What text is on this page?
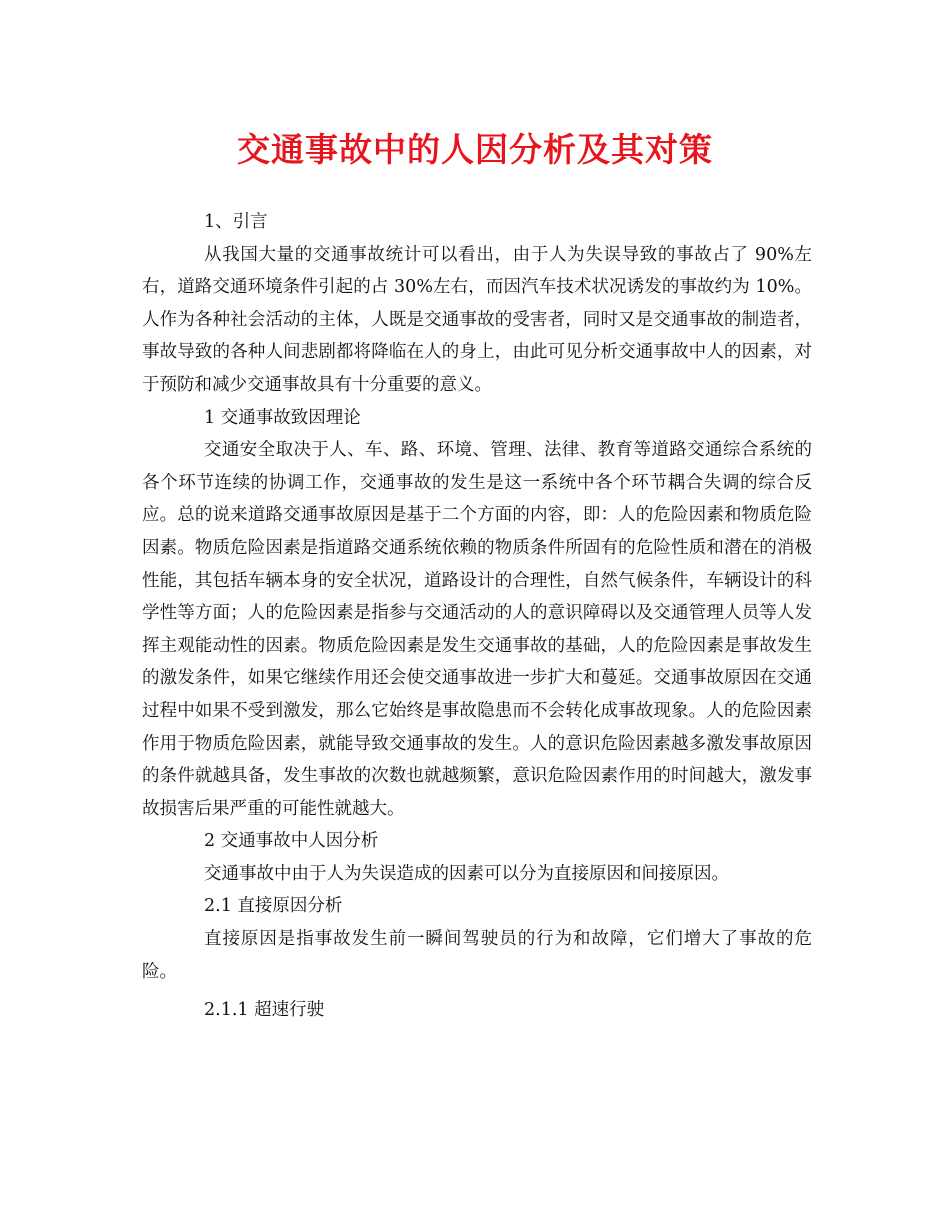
交通事故中的人因分析及其对策

1、引言

从我国大量的交通事故统计可以看出，由于人为失误导致的事故占了 90%左右，道路交通环境条件引起的占 30%左右，而因汽车技术状况诱发的事故约为 10%。人作为各种社会活动的主体，人既是交通事故的受害者，同时又是交通事故的制造者，事故导致的各种人间悲剧都将降临在人的身上，由此可见分析交通事故中人的因素，对于预防和减少交通事故具有十分重要的意义。

1 交通事故致因理论

交通安全取决于人、车、路、环境、管理、法律、教育等道路交通综合系统的各个环节连续的协调工作，交通事故的发生是这一系统中各个环节耦合失调的综合反应。总的说来道路交通事故原因是基于二个方面的内容，即：人的危险因素和物质危险因素。物质危险因素是指道路交通系统依赖的物质条件所固有的危险性质和潜在的消极性能，其包括车辆本身的安全状况，道路设计的合理性，自然气候条件，车辆设计的科学性等方面；人的危险因素是指参与交通活动的人的意识障碍以及交通管理人员等人发挥主观能动性的因素。物质危险因素是发生交通事故的基础，人的危险因素是事故发生的激发条件，如果它继续作用还会使交通事故进一步扩大和蔓延。交通事故原因在交通过程中如果不受到激发，那么它始终是事故隐患而不会转化成事故现象。人的危险因素作用于物质危险因素，就能导致交通事故的发生。人的意识危险因素越多激发事故原因的条件就越具备，发生事故的次数也就越频繁，意识危险因素作用的时间越大，激发事故损害后果严重的可能性就越大。

2 交通事故中人因分析

交通事故中由于人为失误造成的因素可以分为直接原因和间接原因。

2.1 直接原因分析

直接原因是指事故发生前一瞬间驾驶员的行为和故障，它们增大了事故的危险。

2.1.1 超速行驶
